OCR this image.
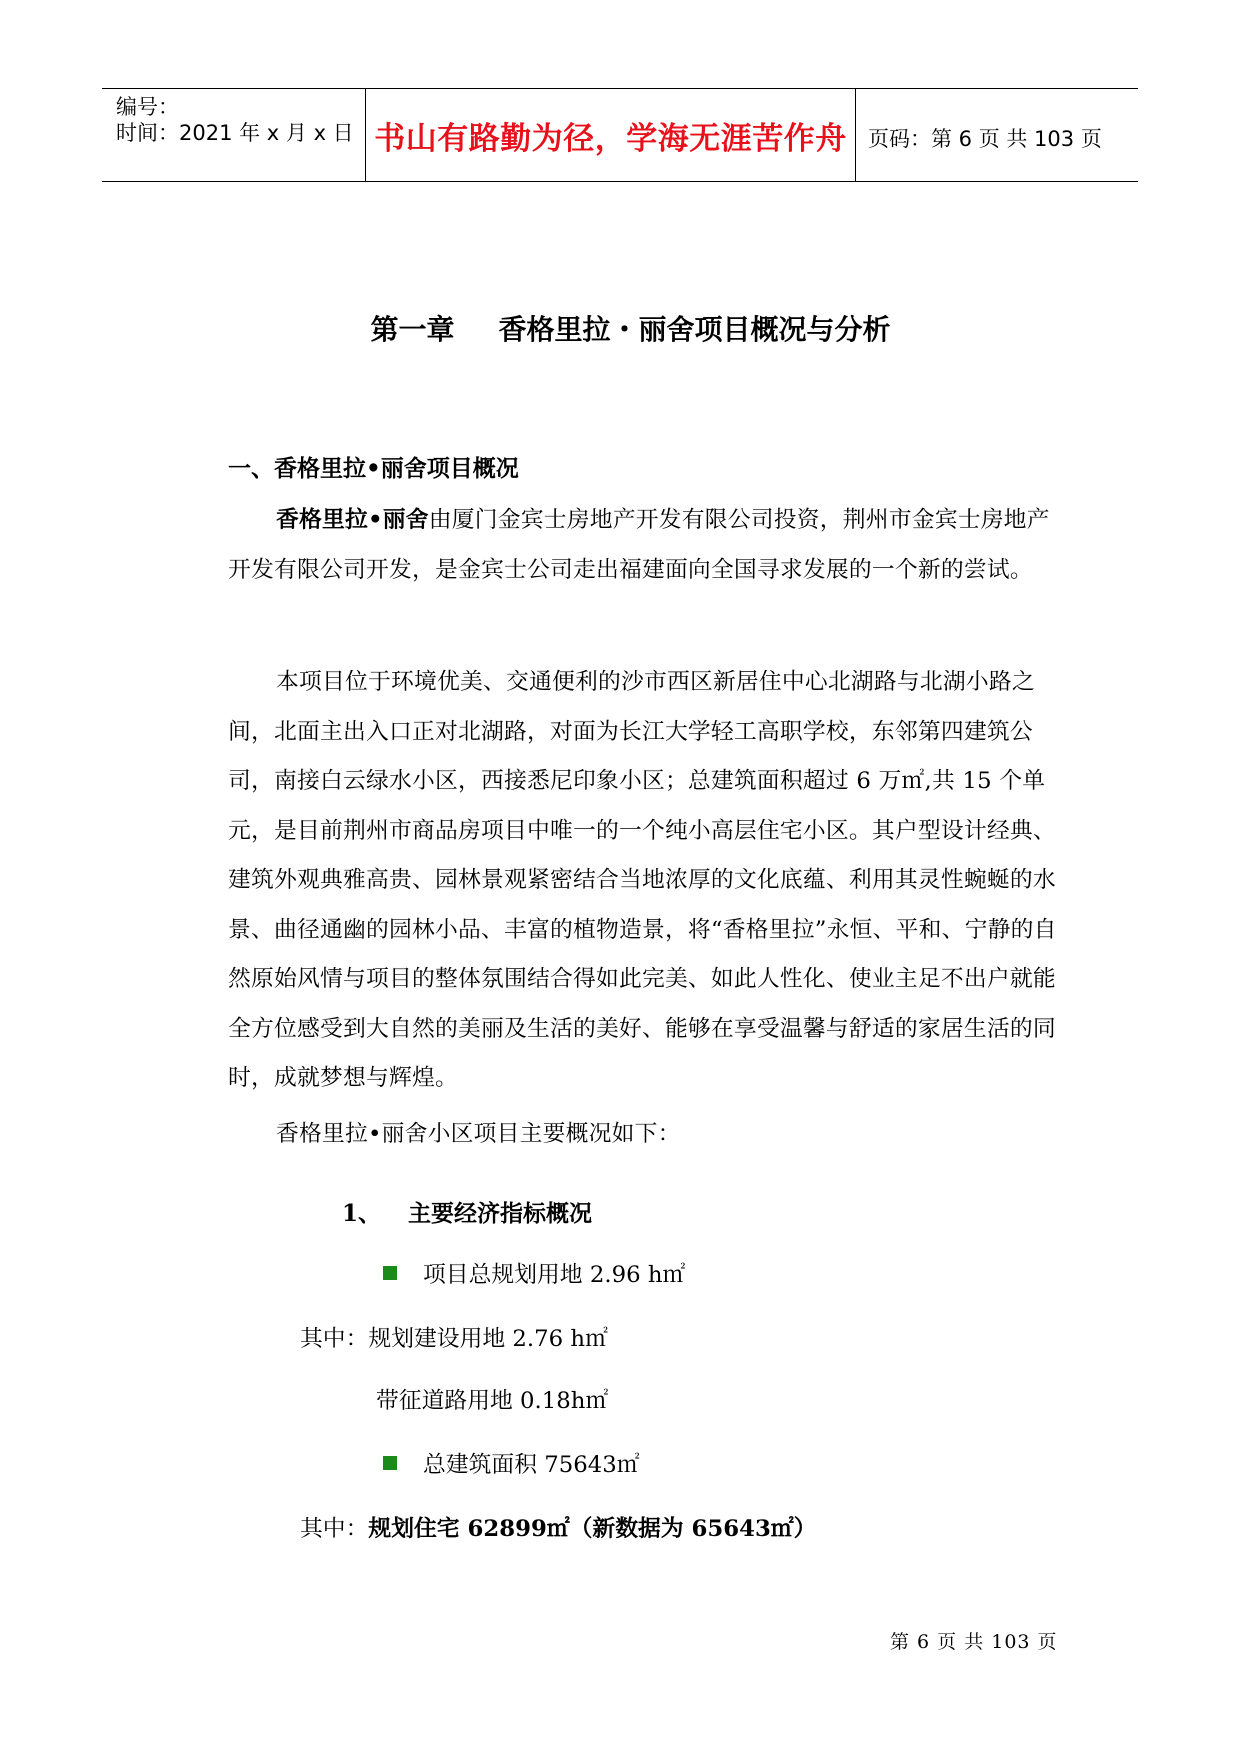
编号：
时间：2021 年 x 月 x 日 书山有路勤为径，学海无涯苦作舟	页码：第 6 页 共 103 页
第一章 香格里拉・丽舍项目概况与分析
一、香格里拉•丽舍项目概况

香格里拉•丽舍由厦门金宾士房地产开发有限公司投资，荆州市金宾士房地产开发有限公司开发，是金宾士公司走出福建面向全国寻求发展的一个新的尝试。

本项目位于环境优美、交通便利的沙市西区新居住中心北湖路与北湖小路之间，北面主出入口正对北湖路，对面为长江大学轻工高职学校，东邻第四建筑公司，南接白云绿水小区，西接悉尼印象小区；总建筑面积超过 6 万㎡,共 15 个单元，是目前荆州市商品房项目中唯一的一个纯小高层住宅小区。其户型设计经典、建筑外观典雅高贵、园林景观紧密结合当地浓厚的文化底蕴、利用其灵性蜿蜒的水景、曲径通幽的园林小品、丰富的植物造景，将“香格里拉”永恒、平和、宁静的自然原始风情与项目的整体氛围结合得如此完美、如此人性化、使业主足不出户就能全方位感受到大自然的美丽及生活的美好、能够在享受温馨与舒适的家居生活的同时，成就梦想与辉煌。

香格里拉•丽舍小区项目主要概况如下：

1、 主要经济指标概况
项目总规划用地 2.96 h㎡
其中：规划建设用地 2.76 h㎡
带征道路用地 0.18h㎡
总建筑面积 75643㎡
其中：规划住宅 62899㎡（新数据为 65643㎡）
第 6 页 共 103 页
